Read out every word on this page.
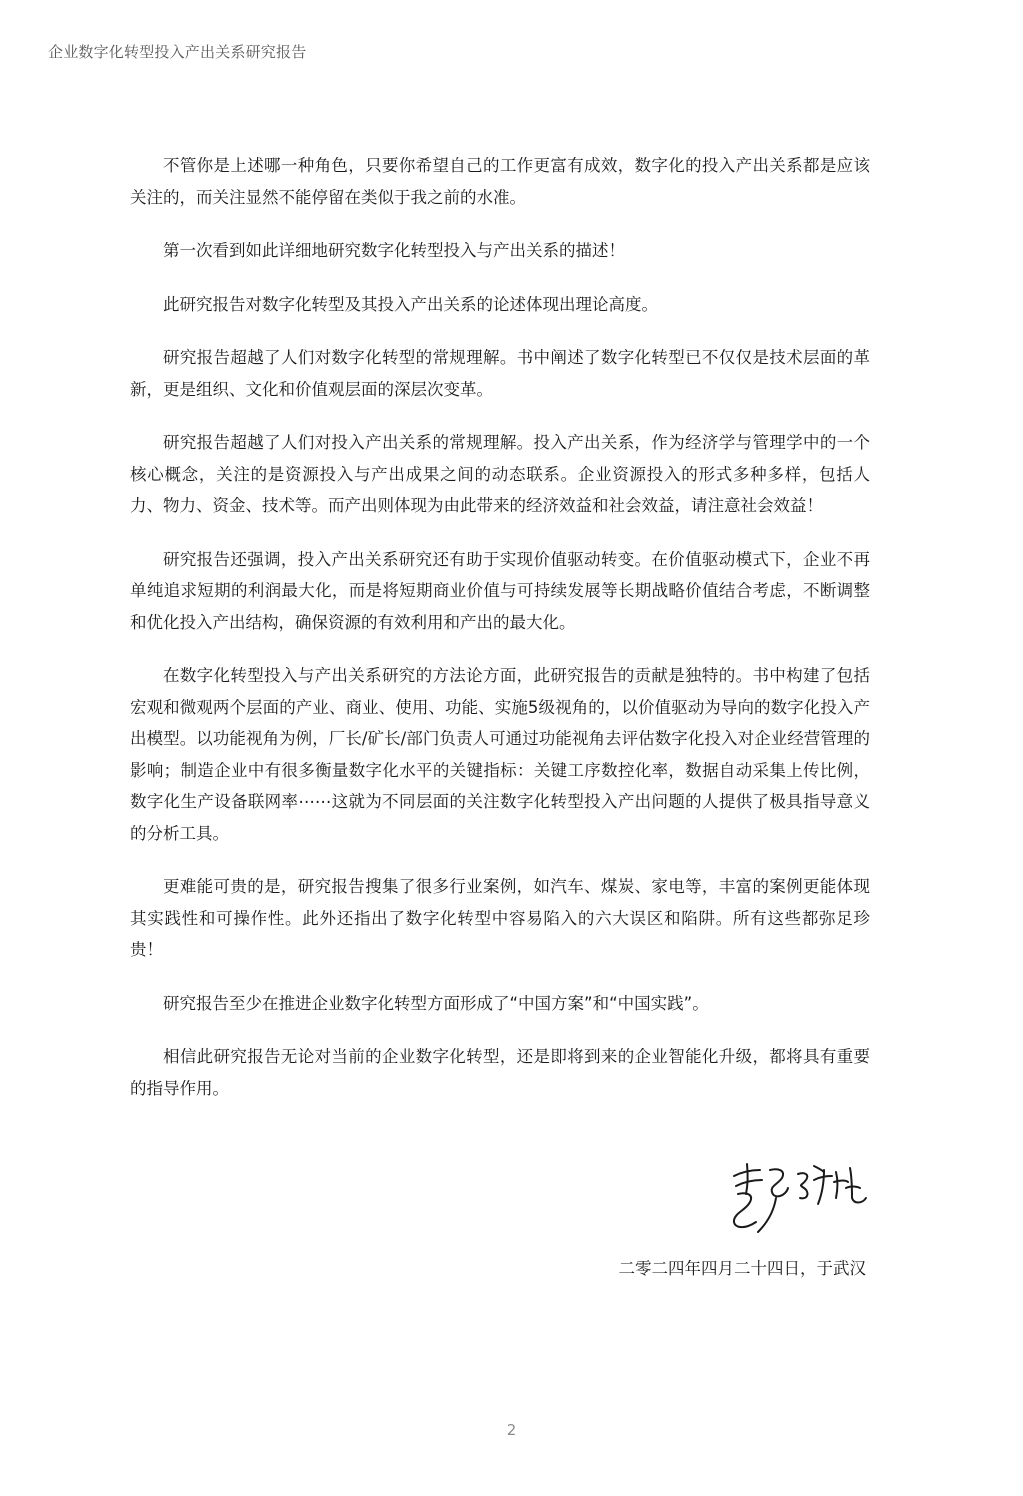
企业数字化转型投入产出关系研究报告

不管你是上述哪一种角色，只要你希望自己的工作更富有成效，数字化的投入产出关系都是应该关注的，而关注显然不能停留在类似于我之前的水准。

第一次看到如此详细地研究数字化转型投入与产出关系的描述！

此研究报告对数字化转型及其投入产出关系的论述体现出理论高度。

研究报告超越了人们对数字化转型的常规理解。书中阐述了数字化转型已不仅仅是技术层面的革新，更是组织、文化和价值观层面的深层次变革。

研究报告超越了人们对投入产出关系的常规理解。投入产出关系，作为经济学与管理学中的一个核心概念，关注的是资源投入与产出成果之间的动态联系。企业资源投入的形式多种多样，包括人力、物力、资金、技术等。而产出则体现为由此带来的经济效益和社会效益，请注意社会效益！

研究报告还强调，投入产出关系研究还有助于实现价值驱动转变。在价值驱动模式下，企业不再单纯追求短期的利润最大化，而是将短期商业价值与可持续发展等长期战略价值结合考虑，不断调整和优化投入产出结构，确保资源的有效利用和产出的最大化。

在数字化转型投入与产出关系研究的方法论方面，此研究报告的贡献是独特的。书中构建了包括宏观和微观两个层面的产业、商业、使用、功能、实施5级视角的，以价值驱动为导向的数字化投入产出模型。以功能视角为例，厂长/矿长/部门负责人可通过功能视角去评估数字化投入对企业经营管理的影响；制造企业中有很多衡量数字化水平的关键指标：关键工序数控化率，数据自动采集上传比例，数字化生产设备联网率⋯⋯这就为不同层面的关注数字化转型投入产出问题的人提供了极具指导意义的分析工具。

更难能可贵的是，研究报告搜集了很多行业案例，如汽车、煤炭、家电等，丰富的案例更能体现其实践性和可操作性。此外还指出了数字化转型中容易陷入的六大误区和陷阱。所有这些都弥足珍贵！

研究报告至少在推进企业数字化转型方面形成了“中国方案”和“中国实践”。

相信此研究报告无论对当前的企业数字化转型，还是即将到来的企业智能化升级，都将具有重要的指导作用。

二零二四年四月二十四日，于武汉
2
